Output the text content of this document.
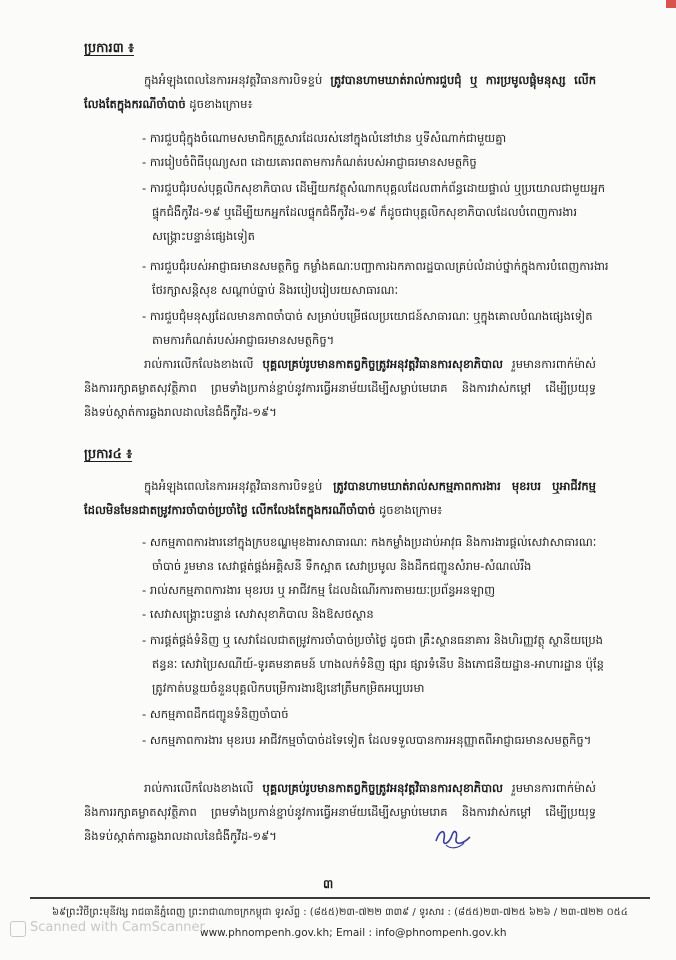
ប្រការ៣ ៖
ក្នុងអំឡុងពេលនៃការអនុវត្តវិធានការបិទខ្ទប់ ត្រូវបានហាមឃាត់រាល់ការជួបជុំ ឬ ការប្រមូលផ្តុំមនុស្ស លើកលែងតែក្នុងករណីចាំបាច់ ដូចខាងក្រោម៖
- ការជួបជុំក្នុងចំណោមសមាជិកគ្រួសារដែលរស់នៅក្នុងលំនៅឋាន ឬទីសំណាក់ជាមួយគ្នា
- ការរៀបចំពិធីបុណ្យសព ដោយគោរពតាមការកំណត់របស់អាជ្ញាធរមានសមត្ថកិច្ច
- ការជួបជុំរបស់បុគ្គលិកសុខាភិបាល ដើម្បីយកវត្ថុសំណាកបុគ្គលដែលពាក់ព័ន្ធដោយផ្ទាល់ ឬប្រយោលជាមួយអ្នកផ្ទុកជំងឺកូវីដ-១៩ ឬដើម្បីយកអ្នកដែលផ្ទុកជំងឺកូវីដ-១៩ ក៏ដូចជាបុគ្គលិកសុខាភិបាលដែលបំពេញការងារសង្គ្រោះបន្ទាន់ផ្សេងទៀត
- ការជួបជុំរបស់អាជ្ញាធរមានសមត្ថកិច្ច កម្លាំងគណៈបញ្ជាការឯកភាពរដ្ឋបាលគ្រប់លំដាប់ថ្នាក់ក្នុងការបំពេញការងារថែរក្សាសន្តិសុខ សណ្តាប់ធ្នាប់ និងរបៀបរៀបរយសាធារណៈ
- ការជួបជុំមនុស្សដែលមានភាពចាំបាច់ សម្រាប់បម្រើផលប្រយោជន៍សាធារណៈ ឬក្នុងគោលបំណងផ្សេងទៀតតាមការកំណត់របស់អាជ្ញាធរមានសមត្ថកិច្ច។
រាល់ការលើកលែងខាងលើ បុគ្គលគ្រប់រូបមានកាតព្វកិច្ចត្រូវអនុវត្តវិធានការសុខាភិបាល រួមមានការពាក់ម៉ាស់ និងការរក្សាគម្លាតសុវត្ថិភាព ព្រមទាំងប្រកាន់ខ្ជាប់នូវការធ្វើអនាម័យដើម្បីសម្លាប់មេរោគ និងការវាស់កម្តៅ ដើម្បីប្រយុទ្ធ និងទប់ស្កាត់ការឆ្លងរាលដាលនៃជំងឺកូវីដ-១៩។
ប្រការ៤ ៖
ក្នុងអំឡុងពេលនៃការអនុវត្តវិធានការបិទខ្ទប់ ត្រូវបានហាមឃាត់រាល់សកម្មភាពការងារ មុខរបរ ឬអាជីវកម្ម ដែលមិនមែនជាតម្រូវការចាំបាច់ប្រចាំថ្ងៃ លើកលែងតែក្នុងករណីចាំបាច់ ដូចខាងក្រោម៖
- សកម្មភាពការងារនៅក្នុងក្របខណ្ឌមុខងារសាធារណៈ កងកម្លាំងប្រដាប់អាវុធ និងការងារផ្តល់សេវាសាធារណៈចាំបាច់ រួមមាន សេវាផ្គត់ផ្គង់អគ្គិសនី ទឹកស្អាត សេវាប្រមូល និងដឹកជញ្ជូនសំរាម-សំណល់រឹង
- រាល់សកម្មភាពការងារ មុខរបរ ឬ អាជីវកម្ម ដែលដំណើរការតាមរយៈប្រព័ន្ធអនឡាញ
- សេវាសង្គ្រោះបន្ទាន់ សេវាសុខាភិបាល និងឱសថស្ថាន
- ការផ្គត់ផ្គង់ទំនិញ ឬ សេវាដែលជាតម្រូវការចាំបាច់ប្រចាំថ្ងៃ ដូចជា គ្រឹះស្ថានធនាគារ និងហិរញ្ញវត្ថុ ស្ថានីយប្រេងឥន្ធនៈ សេវាប្រៃសណីយ៍-ទូរគមនាគមន៍ ហាងលក់ទំនិញ ផ្សារ ផ្សារទំនើប និងភោជនីយដ្ឋាន-អាហារដ្ឋាន ប៉ុន្តែ ត្រូវកាត់បន្ថយចំនួនបុគ្គលិកបម្រើការងារឱ្យនៅត្រឹមកម្រិតអប្បបរមា
- សកម្មភាពដឹកជញ្ជូនទំនិញចាំបាច់
- សកម្មភាពការងារ មុខរបរ អាជីវកម្មចាំបាច់ដទៃទៀត ដែលទទួលបានការអនុញ្ញាតពីអាជ្ញាធរមានសមត្ថកិច្ច។
រាល់ការលើកលែងខាងលើ បុគ្គលគ្រប់រូបមានកាតព្វកិច្ចត្រូវអនុវត្តវិធានការសុខាភិបាល រួមមានការពាក់ម៉ាស់ និងការរក្សាគម្លាតសុវត្ថិភាព ព្រមទាំងប្រកាន់ខ្ជាប់នូវការធ្វើអនាម័យដើម្បីសម្លាប់មេរោគ និងការវាស់កម្តៅ ដើម្បីប្រយុទ្ធ និងទប់ស្កាត់ការឆ្លងរាលដាលនៃជំងឺកូវីដ-១៩។
៣
៦៩ព្រះវិថីព្រះមុនីវង្ស រាជធានីភ្នំពេញ ព្រះរាជាណាចក្រកម្ពុជា ទូរស័ព្ទ : (៨៥៥)២៣-៧២២ ៣៣៩ / ទូរសារ : (៨៥៥)២៣-៧២៥ ៦២៦ / ២៣-៧២២ ០៥៤
www.phnompenh.gov.kh; Email : info@phnompenh.gov.kh
Scanned with CamScanner
